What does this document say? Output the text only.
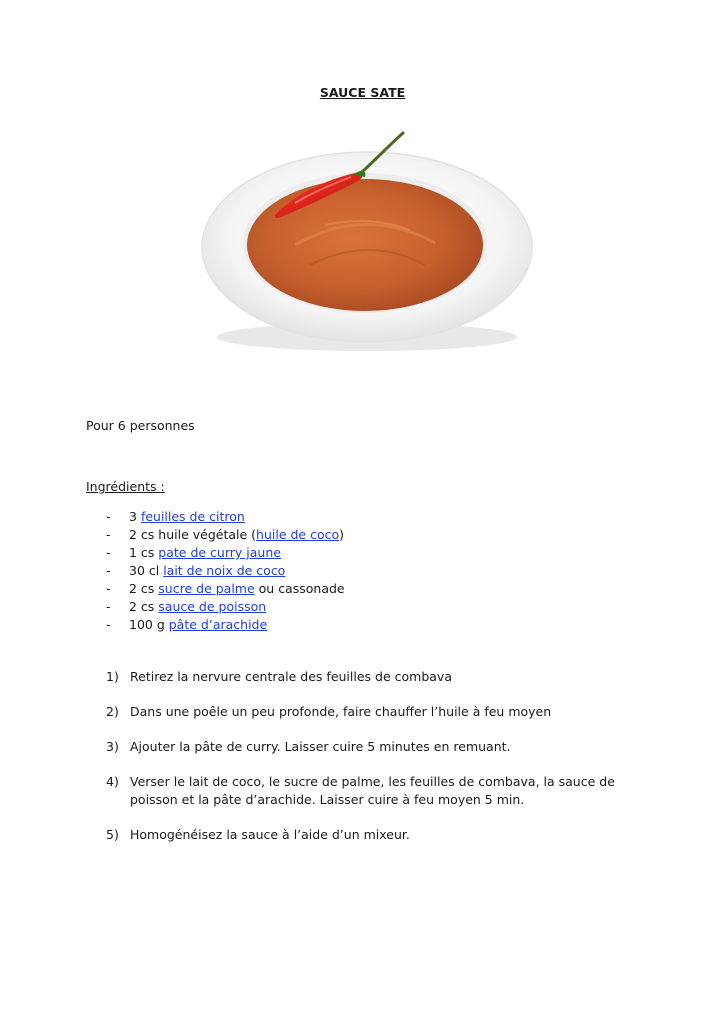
SAUCE SATE
Pour 6 personnes
Ingrédients :
- 3 feuilles de citron
- 2 cs huile végétale (huile de coco)
- 1 cs pate de curry jaune
- 30 cl lait de noix de coco
- 2 cs sucre de palme ou cassonade
- 2 cs sauce de poisson
- 100 g pâte d’arachide
1) Retirez la nervure centrale des feuilles de combava
2) Dans une poêle un peu profonde, faire chauffer l’huile à feu moyen
3) Ajouter la pâte de curry. Laisser cuire 5 minutes en remuant.
4) Verser le lait de coco, le sucre de palme, les feuilles de combava, la sauce de poisson et la pâte d’arachide. Laisser cuire à feu moyen 5 min.
5) Homogénéisez la sauce à l’aide d’un mixeur.
